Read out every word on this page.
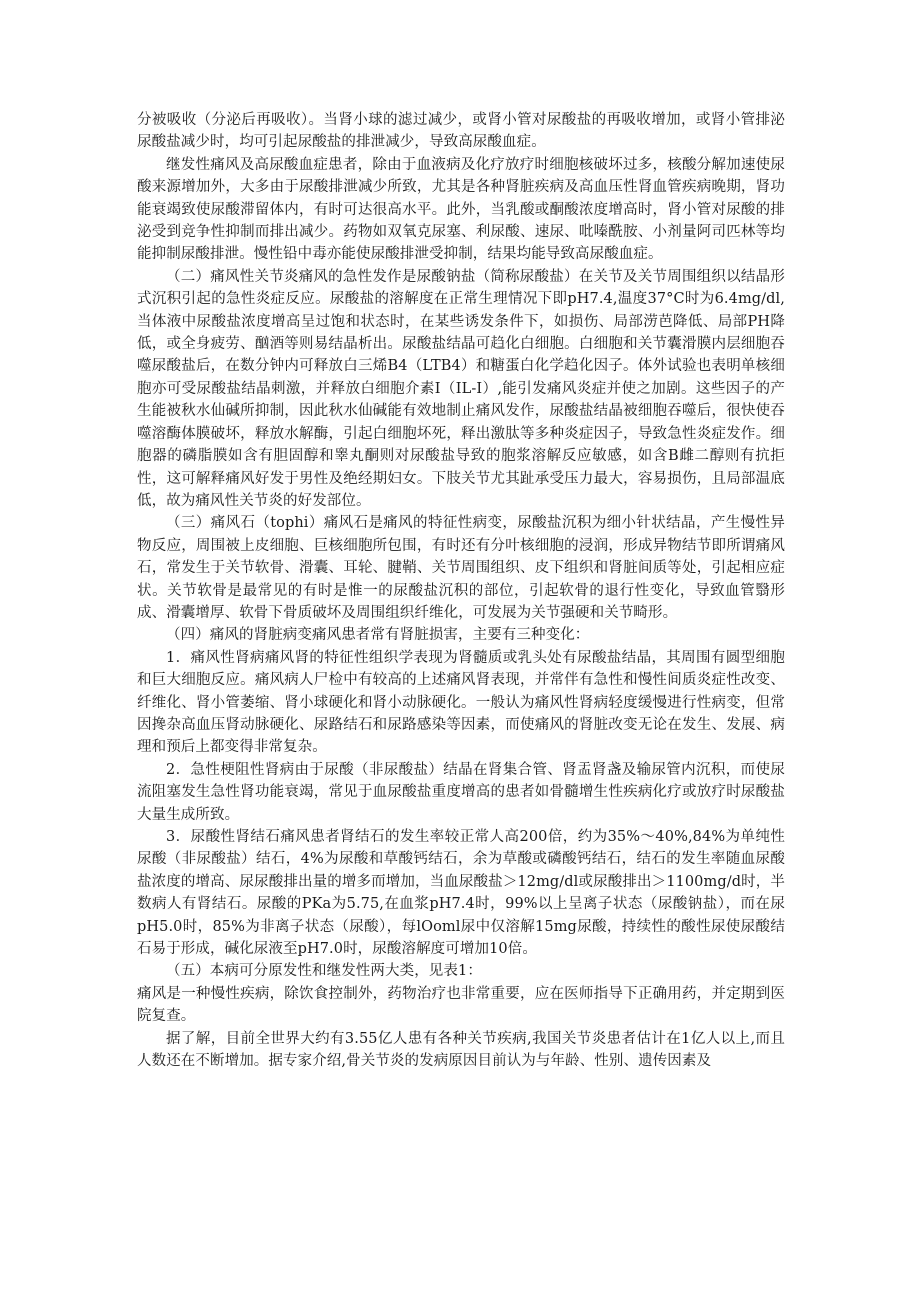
分被吸收（分泌后再吸收）。当肾小球的滤过减少，或肾小管对尿酸盐的再吸收增加，或肾小管排泌尿酸盐减少时，均可引起尿酸盐的排泄减少，导致高尿酸血症。

继发性痛风及高尿酸血症患者，除由于血液病及化疗放疗时细胞核破坏过多，核酸分解加速使尿酸来源增加外，大多由于尿酸排泄减少所致，尤其是各种肾脏疾病及高血压性肾血管疾病晚期，肾功能衰竭致使尿酸滞留体内，有时可达很高水平。此外，当乳酸或酮酸浓度增高时，肾小管对尿酸的排泌受到竞争性抑制而排出减少。药物如双氧克尿塞、利尿酸、速尿、吡嗪酰胺、小剂量阿司匹林等均能抑制尿酸排泄。慢性铅中毒亦能使尿酸排泄受抑制，结果均能导致高尿酸血症。

（二）痛风性关节炎痛风的急性发作是尿酸钠盐（简称尿酸盐）在关节及关节周围组织以结晶形式沉积引起的急性炎症反应。尿酸盐的溶解度在正常生理情况下即pH7.4,温度37°C时为6.4mg∕dl,当体液中尿酸盐浓度增高呈过饱和状态时，在某些诱发条件下，如损伤、局部涝芭降低、局部PH降低，或全身疲劳、酗酒等则易结晶析出。尿酸盐结晶可趋化白细胞。白细胞和关节囊滑膜内层细胞吞噬尿酸盐后，在数分钟内可释放白三烯B4（LTB4）和糖蛋白化学趋化因子。体外试验也表明单核细胞亦可受尿酸盐结晶刺激，并释放白细胞介素I（IL-I）,能引发痛风炎症并使之加剧。这些因子的产生能被秋水仙碱所抑制，因此秋水仙碱能有效地制止痛风发作，尿酸盐结晶被细胞吞噬后，很快使吞噬溶酶体膜破坏，释放水解酶，引起白细胞坏死，释出激肽等多种炎症因子，导致急性炎症发作。细胞器的磷脂膜如含有胆固醇和睾丸酮则对尿酸盐导致的胞浆溶解反应敏感，如含B雌二醇则有抗拒性，这可解释痛风好发于男性及绝经期妇女。下肢关节尤其趾承受压力最大，容易损伤，且局部温底低，故为痛风性关节炎的好发部位。

（三）痛风石（tophi）痛风石是痛风的特征性病变，尿酸盐沉积为细小针状结晶，产生慢性异物反应，周围被上皮细胞、巨核细胞所包围，有时还有分叶核细胞的浸润，形成异物结节即所谓痛风石，常发生于关节软骨、滑囊、耳轮、腱鞘、关节周围组织、皮下组织和肾脏间质等处，引起相应症状。关节软骨是最常见的有时是惟一的尿酸盐沉积的部位，引起软骨的退行性变化，导致血管翳形成、滑囊增厚、软骨下骨质破坏及周围组织纤维化，可发展为关节强硬和关节畸形。

（四）痛风的肾脏病变痛风患者常有肾脏损害，主要有三种变化：

1．痛风性肾病痛风肾的特征性组织学表现为肾髓质或乳头处有尿酸盐结晶，其周围有圆型细胞和巨大细胞反应。痛风病人尸检中有较高的上述痛风肾表现，并常伴有急性和慢性间质炎症性改变、纤维化、肾小管萎缩、肾小球硬化和肾小动脉硬化。一般认为痛风性肾病轻度缓慢进行性病变，但常因搀杂高血压肾动脉硬化、尿路结石和尿路感染等因素，而使痛风的肾脏改变无论在发生、发展、病理和预后上都变得非常复杂。

2．急性梗阻性肾病由于尿酸（非尿酸盐）结晶在肾集合管、肾盂肾盏及输尿管内沉积，而使尿流阻塞发生急性肾功能衰竭，常见于血尿酸盐重度增高的患者如骨髓增生性疾病化疗或放疗时尿酸盐大量生成所致。

3．尿酸性肾结石痛风患者肾结石的发生率较正常人高200倍，约为35%～40%,84%为单纯性尿酸（非尿酸盐）结石，4%为尿酸和草酸钙结石，余为草酸或磷酸钙结石，结石的发生率随血尿酸盐浓度的增高、尿尿酸排出量的增多而增加，当血尿酸盐＞12mg∕dl或尿酸排出＞1100mg∕d时，半数病人有肾结石。尿酸的PKa为5.75,在血浆pH7.4时，99%以上呈离子状态（尿酸钠盐），而在尿pH5.0时，85%为非离子状态（尿酸），每lOoml尿中仅溶解15mg尿酸，持续性的酸性尿使尿酸结石易于形成，碱化尿液至pH7.0时，尿酸溶解度可增加10倍。

（五）本病可分原发性和继发性两大类，见表1：

痛风是一种慢性疾病，除饮食控制外，药物治疗也非常重要，应在医师指导下正确用药，并定期到医院复查。

据了解，目前全世界大约有3.55亿人患有各种关节疾病,我国关节炎患者估计在1亿人以上,而且人数还在不断增加。据专家介绍,骨关节炎的发病原因目前认为与年龄、性别、遗传因素及
